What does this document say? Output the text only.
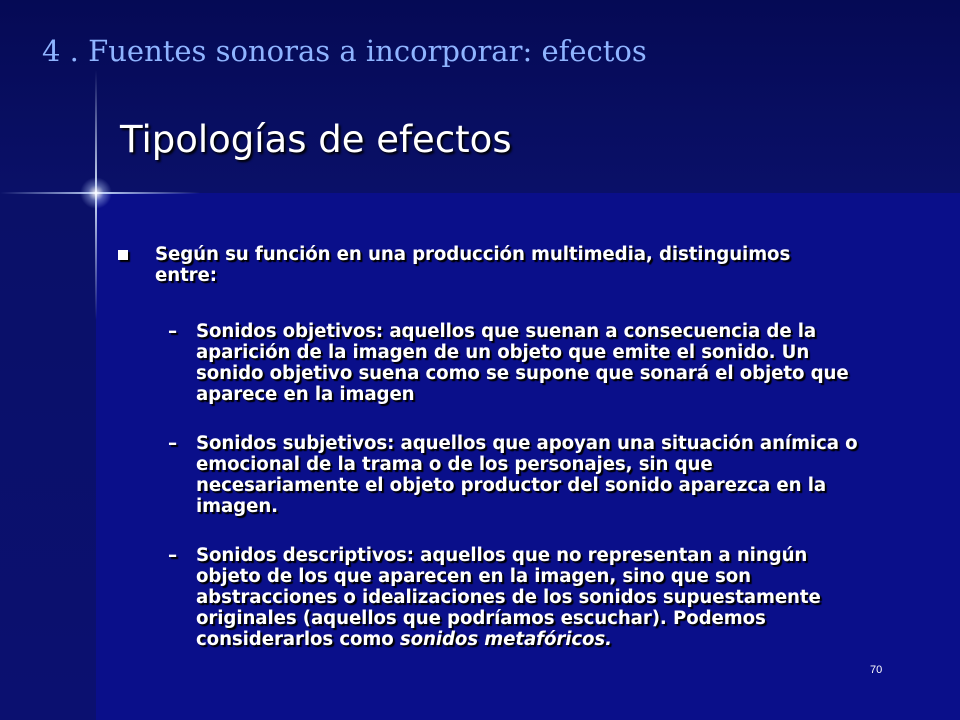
4 . Fuentes sonoras a incorporar: efectos
Tipologías de efectos
Según su función en una producción multimedia, distinguimos entre:
– Sonidos objetivos: aquellos que suenan a consecuencia de la aparición de la imagen de un objeto que emite el sonido. Un sonido objetivo suena como se supone que sonará el objeto que aparece en la imagen
– Sonidos subjetivos: aquellos que apoyan una situación anímica o emocional de la trama o de los personajes, sin que necesariamente el objeto productor del sonido aparezca en la imagen.
– Sonidos descriptivos: aquellos que no representan a ningún objeto de los que aparecen en la imagen, sino que son abstracciones o idealizaciones de los sonidos supuestamente originales (aquellos que podríamos escuchar). Podemos considerarlos como sonidos metafóricos.
70
